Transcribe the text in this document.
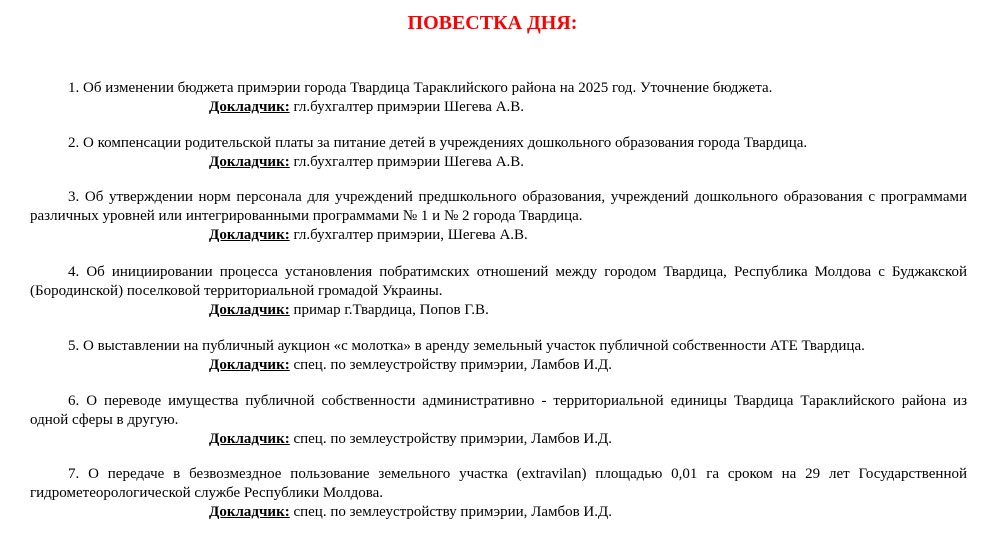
ПОВЕСТКА ДНЯ:

1. Об изменении бюджета примэрии города Твардица Тараклийского района на 2025 год. Уточнение бюджета.

Докладчик: гл.бухгалтер примэрии Шегева А.В.

2. О компенсации родительской платы за питание детей в учреждениях дошкольного образования города Твардица.

Докладчик: гл.бухгалтер примэрии Шегева А.В.

3. Об утверждении норм персонала для учреждений предшкольного образования, учреждений дошкольного образования с программами различных уровней или интегрированными программами № 1 и № 2 города Твардица.

Докладчик: гл.бухгалтер примэрии, Шегева А.В.

4. Об инициировании процесса установления побратимских отношений между городом Твардица, Республика Молдова с Буджакской (Бородинской) поселковой территориальной громадой Украины.

Докладчик: примар г.Твардица, Попов Г.В.

5. О выставлении на публичный аукцион «с молотка» в аренду земельный участок публичной собственности АТЕ Твардица.

Докладчик: спец. по землеустройству примэрии, Ламбов И.Д.

6. О переводе имущества публичной собственности административно - территориальной единицы Твардица Тараклийского района из одной сферы в другую.

Докладчик: спец. по землеустройству примэрии, Ламбов И.Д.

7. О передаче в безвозмездное пользование земельного участка (extravilan) площадью 0,01 га сроком на 29 лет Государственной гидрометеорологической службе Республики Молдова.

Докладчик: спец. по землеустройству примэрии, Ламбов И.Д.
